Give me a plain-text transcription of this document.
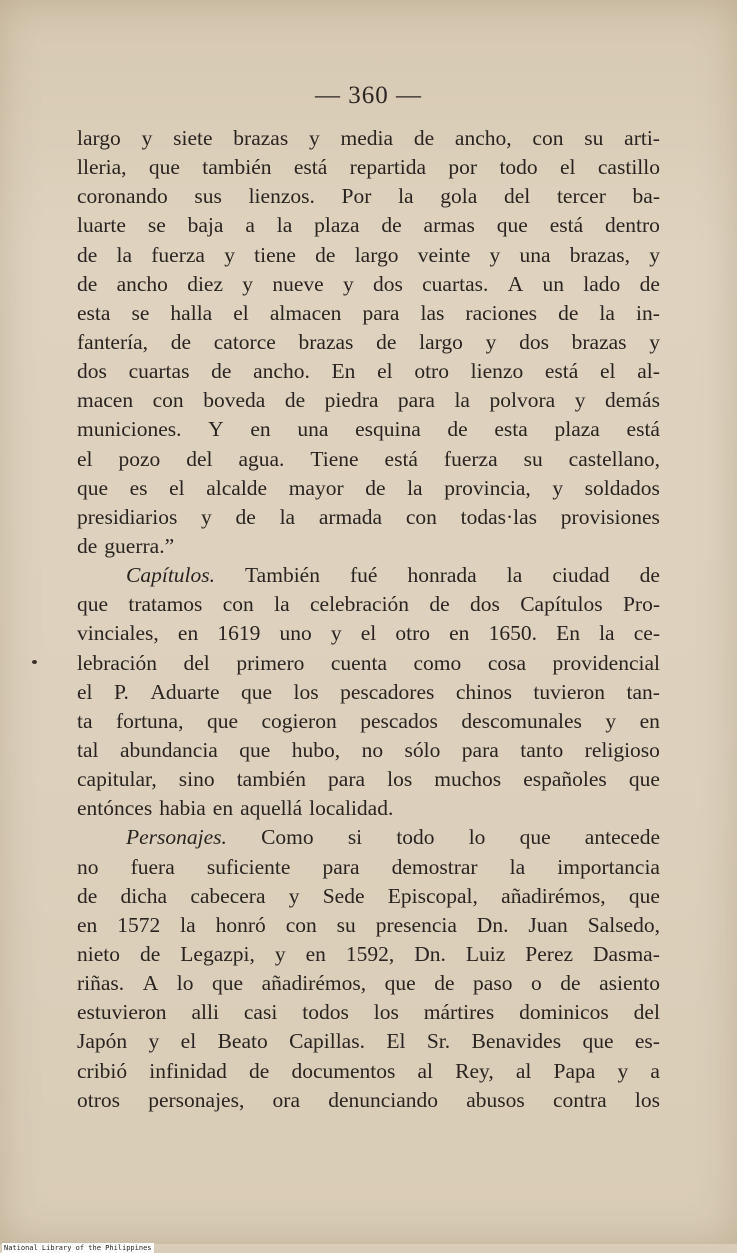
— 360 —
largo y siete brazas y media de ancho, con su arti-
lleria, que también está repartida por todo el castillo
coronando sus lienzos. Por la gola del tercer ba-
luarte se baja a la plaza de armas que está dentro
de la fuerza y tiene de largo veinte y una brazas, y
de ancho diez y nueve y dos cuartas. A un lado de
esta se halla el almacen para las raciones de la in-
fantería, de catorce brazas de largo y dos brazas y
dos cuartas de ancho. En el otro lienzo está el al-
macen con boveda de piedra para la polvora y demás
municiones. Y en una esquina de esta plaza está
el pozo del agua. Tiene está fuerza su castellano,
que es el alcalde mayor de la provincia, y soldados
presidiarios y de la armada con todas·las provisiones
de guerra.”
Capítulos. También fué honrada la ciudad de
que tratamos con la celebración de dos Capítulos Pro-
vinciales, en 1619 uno y el otro en 1650. En la ce-
lebración del primero cuenta como cosa providencial
el P. Aduarte que los pescadores chinos tuvieron tan-
ta fortuna, que cogieron pescados descomunales y en
tal abundancia que hubo, no sólo para tanto religioso
capitular, sino también para los muchos españoles que
entónces habia en aquellá localidad.
Personajes. Como si todo lo que antecede
no fuera suficiente para demostrar la importancia
de dicha cabecera y Sede Episcopal, añadirémos, que
en 1572 la honró con su presencia Dn. Juan Salsedo,
nieto de Legazpi, y en 1592, Dn. Luiz Perez Dasma-
riñas. A lo que añadirémos, que de paso o de asiento
estuvieron alli casi todos los mártires dominicos del
Japón y el Beato Capillas. El Sr. Benavides que es-
cribió infinidad de documentos al Rey, al Papa y a
otros personajes, ora denunciando abusos contra los
National Library of the Philippines
